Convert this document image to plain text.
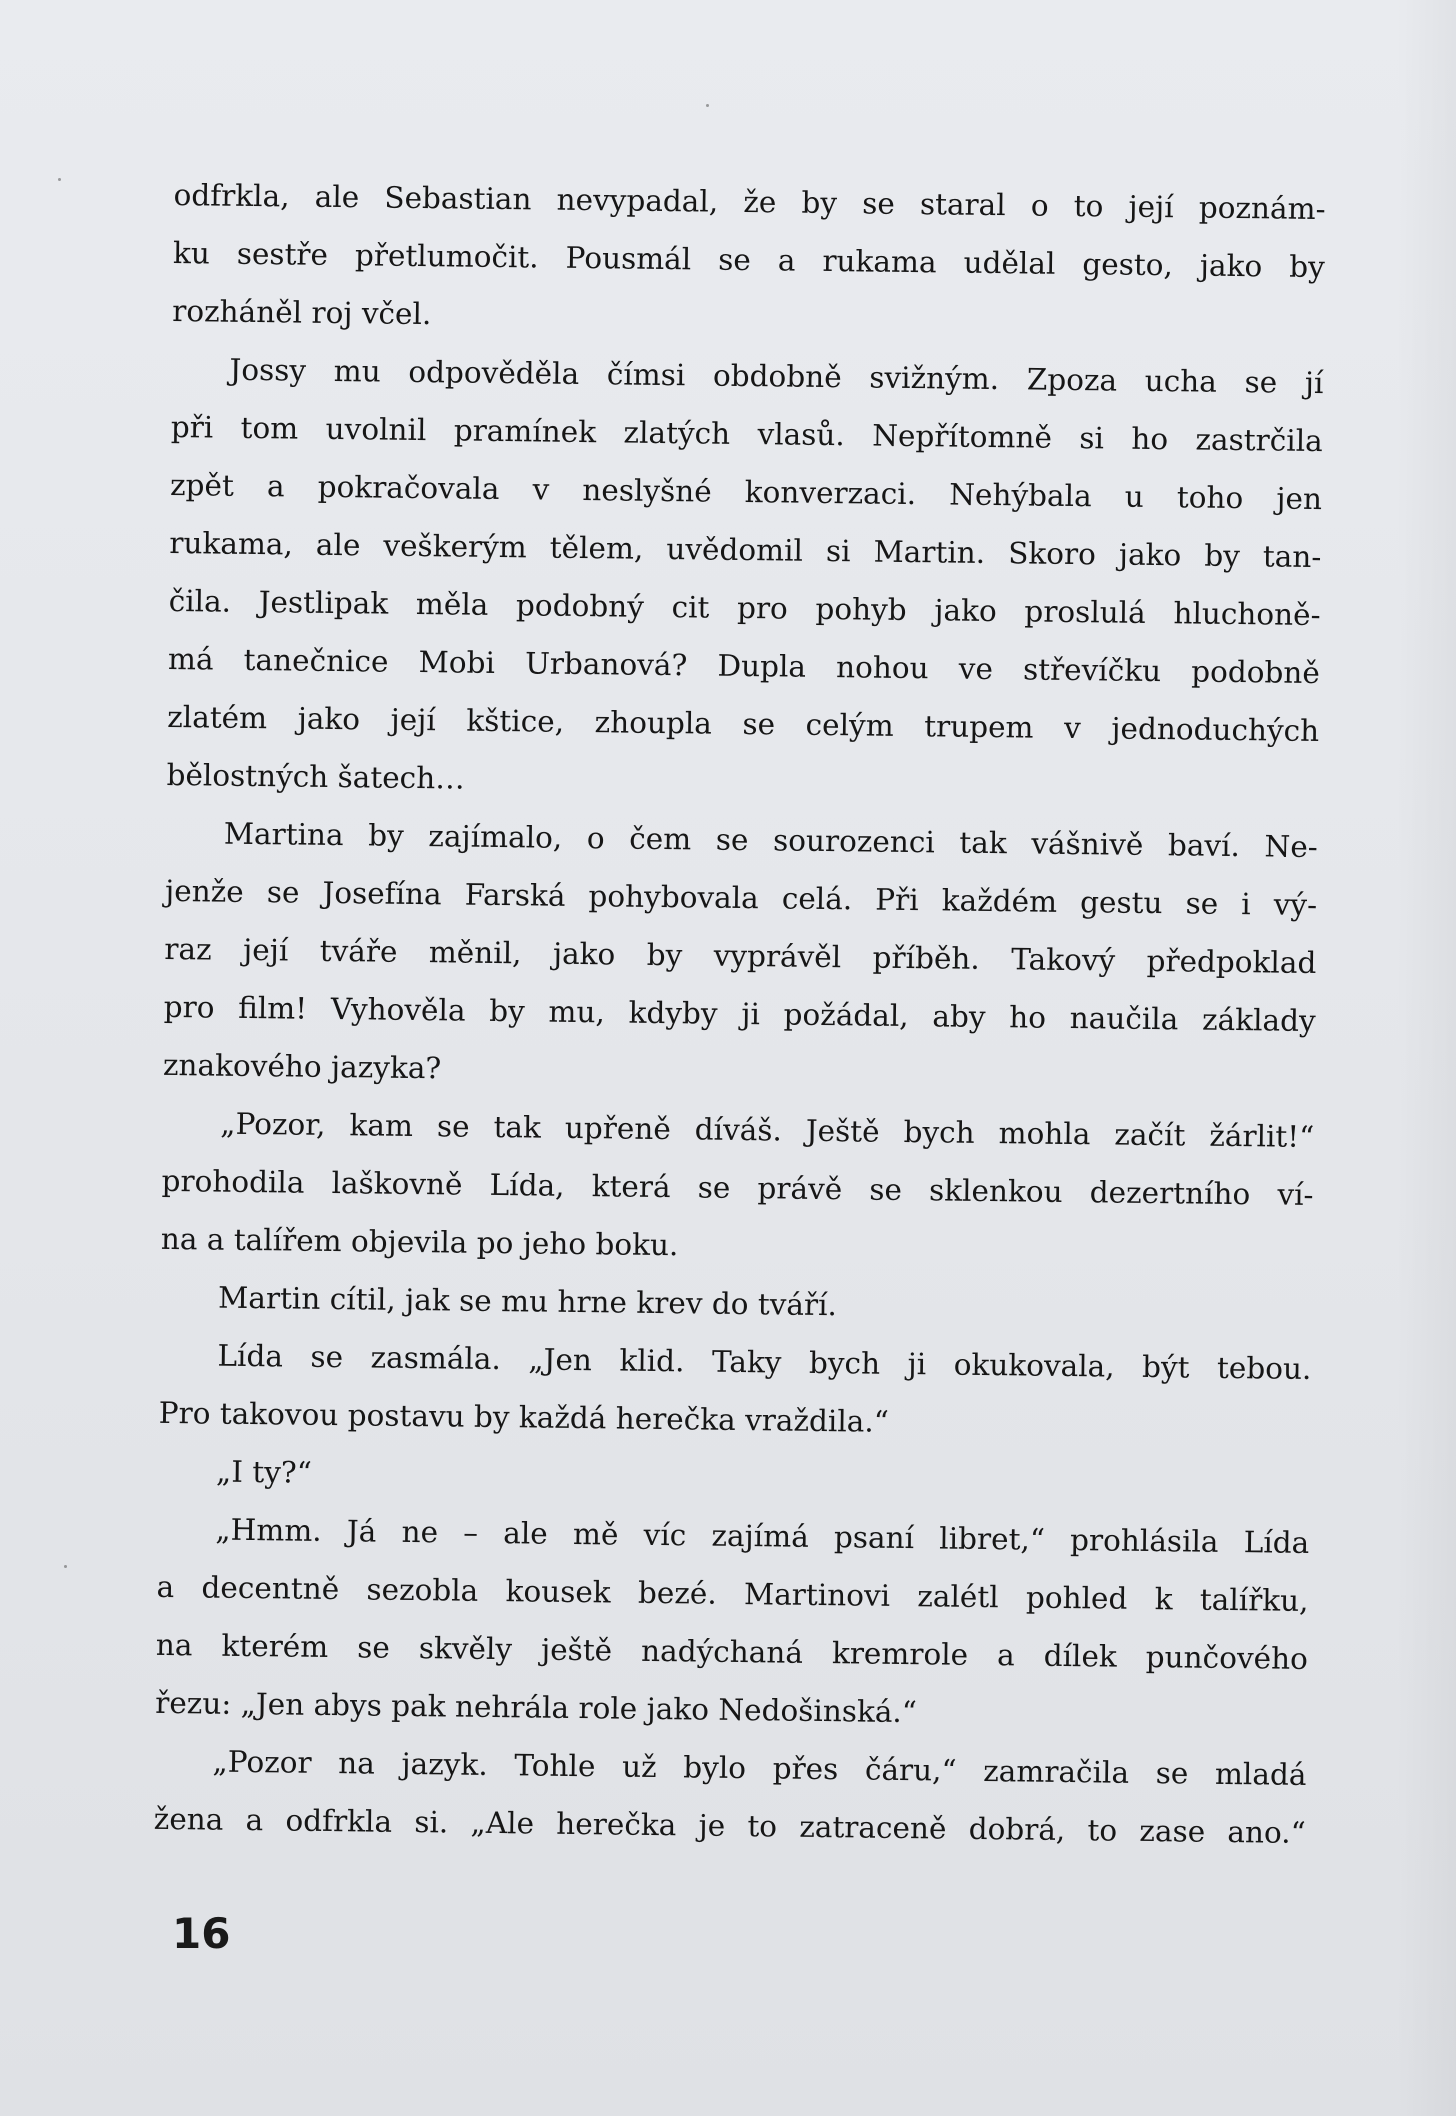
odfrkla, ale Sebastian nevypadal, že by se staral o to její poznám-
ku sestře přetlumočit. Pousmál se a rukama udělal gesto, jako by
rozháněl roj včel.
Jossy mu odpověděla čímsi obdobně svižným. Zpoza ucha se jí
při tom uvolnil pramínek zlatých vlasů. Nepřítomně si ho zastrčila
zpět a pokračovala v neslyšné konverzaci. Nehýbala u toho jen
rukama, ale veškerým tělem, uvědomil si Martin. Skoro jako by tan-
čila. Jestlipak měla podobný cit pro pohyb jako proslulá hluchoně-
má tanečnice Mobi Urbanová? Dupla nohou ve střevíčku podobně
zlatém jako její kštice, zhoupla se celým trupem v jednoduchých
bělostných šatech…
Martina by zajímalo, o čem se sourozenci tak vášnivě baví. Ne-
jenže se Josefína Farská pohybovala celá. Při každém gestu se i vý-
raz její tváře měnil, jako by vyprávěl příběh. Takový předpoklad
pro film! Vyhověla by mu, kdyby ji požádal, aby ho naučila základy
znakového jazyka?
„Pozor, kam se tak upřeně díváš. Ještě bych mohla začít žárlit!“
prohodila laškovně Lída, která se právě se sklenkou dezertního ví-
na a talířem objevila po jeho boku.
Martin cítil, jak se mu hrne krev do tváří.
Lída se zasmála. „Jen klid. Taky bych ji okukovala, být tebou.
Pro takovou postavu by každá herečka vraždila.“
„I ty?“
„Hmm. Já ne – ale mě víc zajímá psaní libret,“ prohlásila Lída
a decentně sezobla kousek bezé. Martinovi zalétl pohled k talířku,
na kterém se skvěly ještě nadýchaná kremrole a dílek punčového
řezu: „Jen abys pak nehrála role jako Nedošinská.“
„Pozor na jazyk. Tohle už bylo přes čáru,“ zamračila se mladá
žena a odfrkla si. „Ale herečka je to zatraceně dobrá, to zase ano.“
16
